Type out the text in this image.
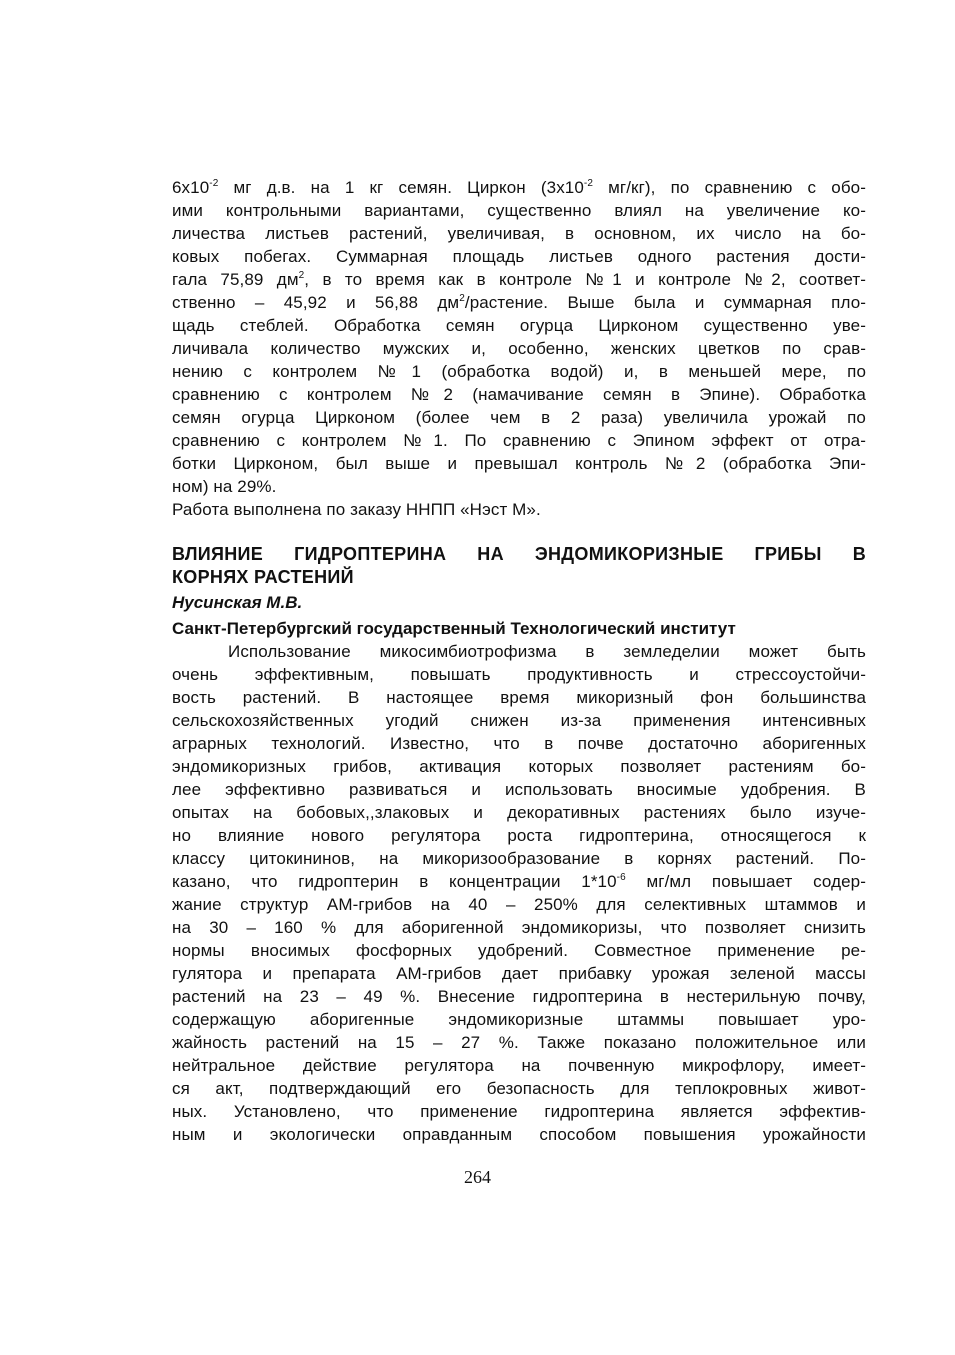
$6x10^{-2}$ мг д.в. на 1 кг семян. Циркон ($3x10^{-2}$ мг/кг), по сравнению с обо-
ими контрольными вариантами, существенно влиял на увеличение ко-
личества листьев растений, увеличивая, в основном, их число на бо-
ковых побегах. Суммарная площадь листьев одного растения дости-
гала 75,89 $дм^2$, в то время как в контроле №1 и контроле №2, соответ-
ственно – 45,92 и 56,88 $дм^2$/растение. Выше была и суммарная пло-
щадь стеблей. Обработка семян огурца Цирконом существенно уве-
личивала количество мужских и, особенно, женских цветков по срав-
нению с контролем №1 (обработка водой) и, в меньшей мере, по
сравнению с контролем №2 (намачивание семян в Эпине). Обработка
семян огурца Цирконом (более чем в 2 раза) увеличила урожай по
сравнению с контролем №1. По сравнению с Эпином эффект от отра-
ботки Цирконом, был выше и превышал контроль №2 (обработка Эпи-
ном) на 29%.
Работа выполнена по заказу ННПП «Нэст М».
ВЛИЯНИЕ ГИДРОПТЕРИНА НА ЭНДОМИКОРИЗНЫЕ ГРИБЫ В
КОРНЯХ РАСТЕНИЙ
Нусинская М.В.
Санкт-Петербургский государственный Технологический институт
Использование микосимбиотрофизма в земледелии может быть
очень эффективным, повышать продуктивность и стрессоустойчи-
вость растений. В настоящее время микоризный фон большинства
сельскохозяйственных угодий снижен из-за применения интенсивных
аграрных технологий. Известно, что в почве достаточно аборигенных
эндомикоризных грибов, активация которых позволяет растениям бо-
лее эффективно развиваться и использовать вносимые удобрения. В
опытах на бобовых,,злаковых и декоративных растениях было изуче-
но влияние нового регулятора роста гидроптерина, относящегося к
классу цитокининов, на микоризообразование в корнях растений. По-
казано, что гидроптерин в концентрации $1*10^{-6}$ мг/мл повышает содер-
жание структур АМ-грибов на 40 – 250% для селективных штаммов и
на 30 – 160 % для аборигенной эндомикоризы, что позволяет снизить
нормы вносимых фосфорных удобрений. Совместное применение ре-
гулятора и препарата АМ-грибов дает прибавку урожая зеленой массы
растений на 23 – 49 %. Внесение гидроптерина в нестерильную почву,
содержащую аборигенные эндомикоризные штаммы повышает уро-
жайность растений на 15 – 27 %. Также показано положительное или
нейтральное действие регулятора на почвенную микрофлору, имеет-
ся акт, подтверждающий его безопасность для теплокровных живот-
ных. Установлено, что применение гидроптерина является эффектив-
ным и экологически оправданным способом повышения урожайности
264
